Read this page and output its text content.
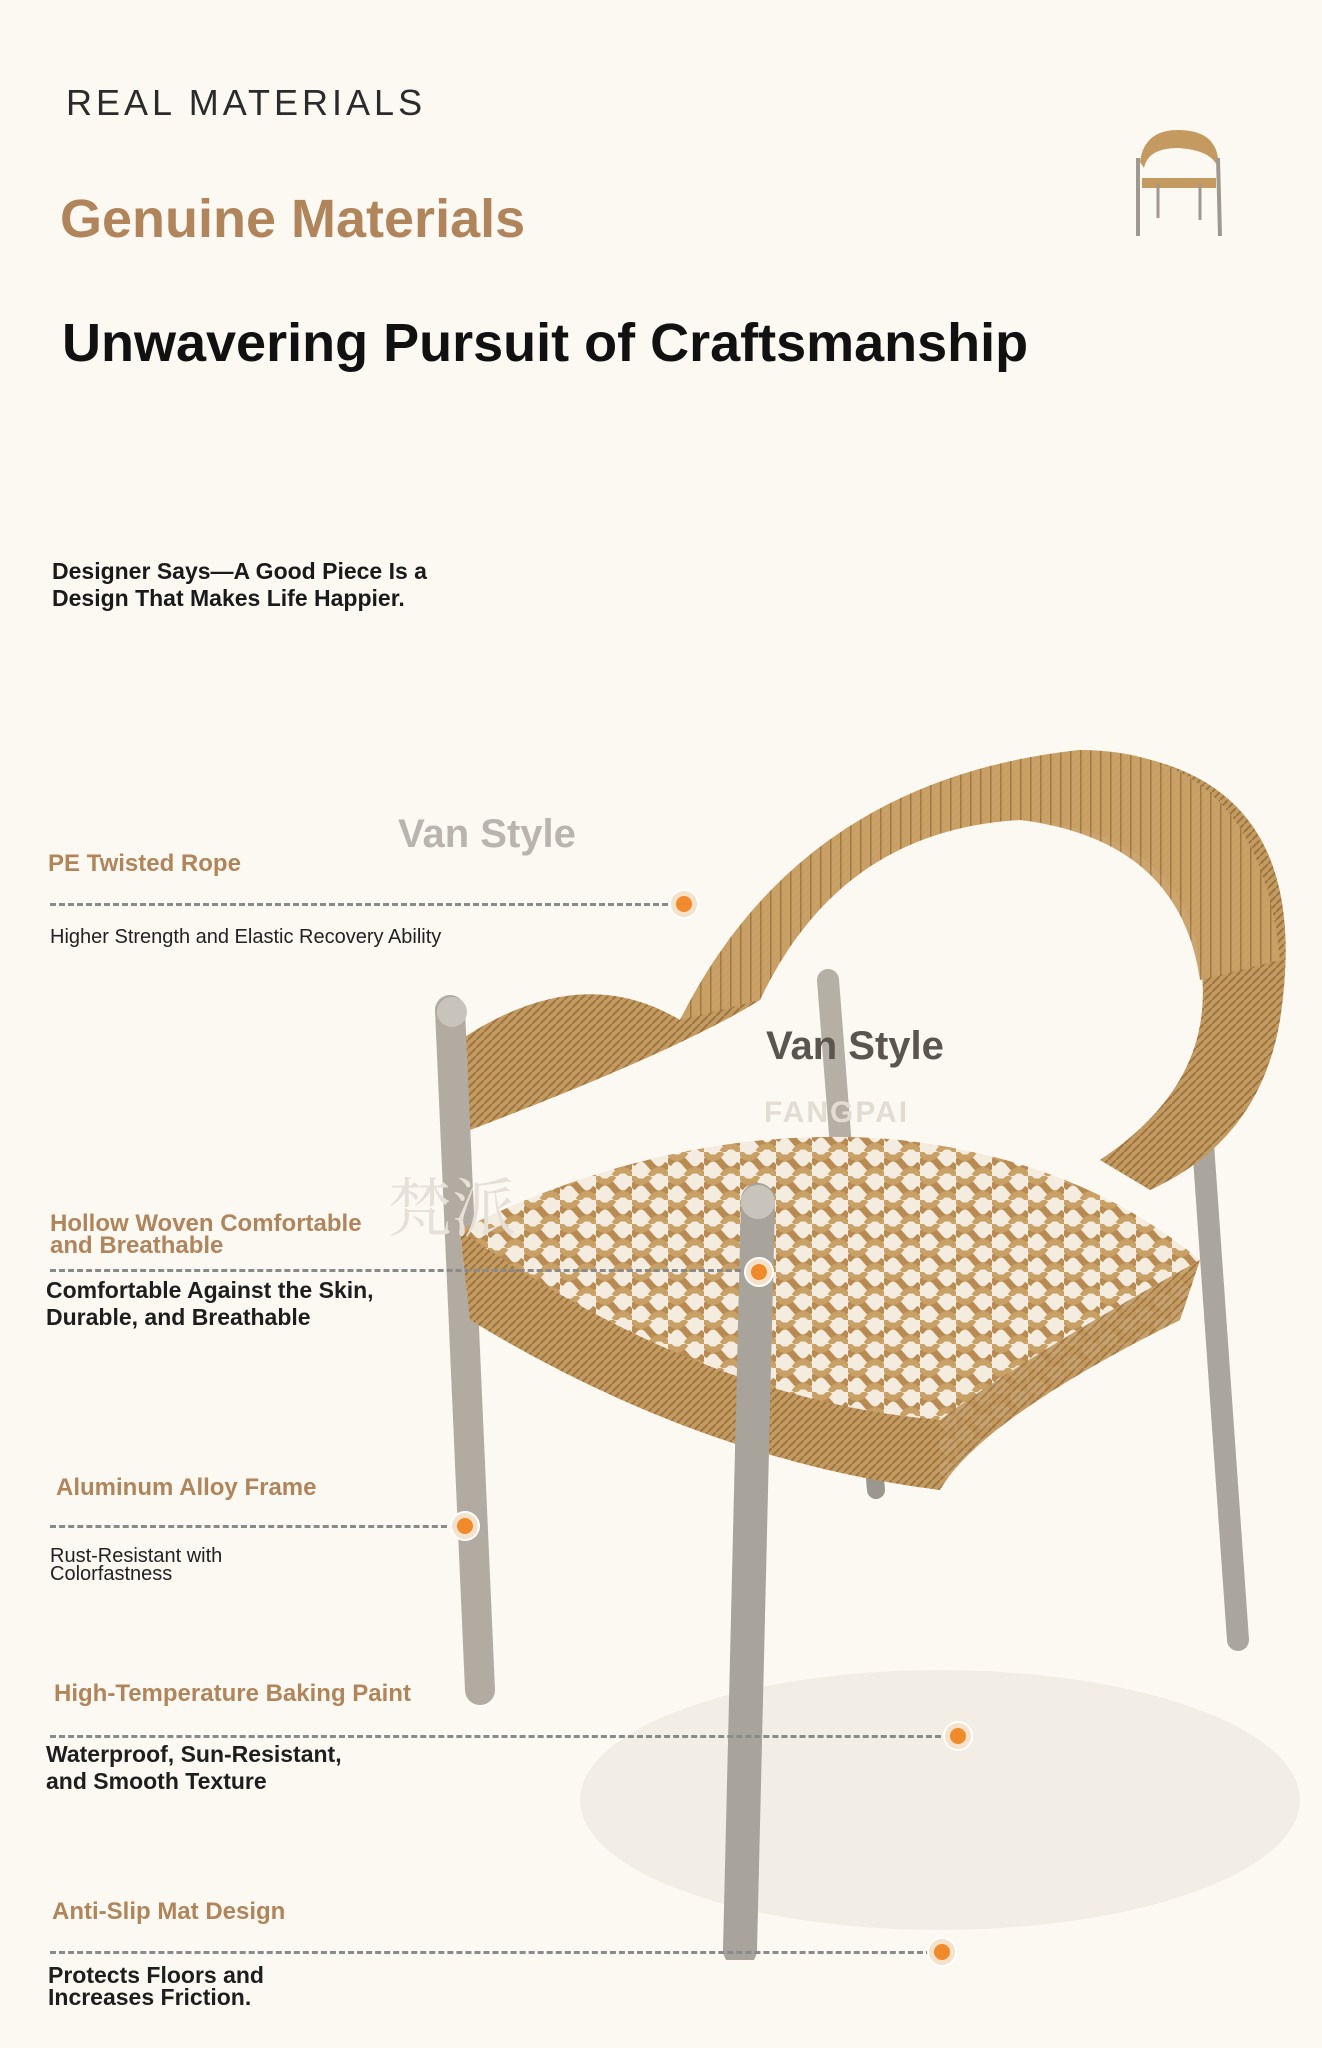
REAL MATERIALS
Genuine Materials
Unwavering Pursuit of Craftsmanship
Designer Says—A Good Piece Is a Design That Makes Life Happier.
Van Style
Van Style
FANGPAI
梵派
PE Twisted Rope
Higher Strength and Elastic Recovery Ability
Hollow Woven Comfortable and Breathable
Comfortable Against the Skin, Durable, and Breathable
Aluminum Alloy Frame
Rust-Resistant with Colorfastness
High-Temperature Baking Paint
Waterproof, Sun-Resistant, and Smooth Texture
Anti-Slip Mat Design
Protects Floors and Increases Friction.
